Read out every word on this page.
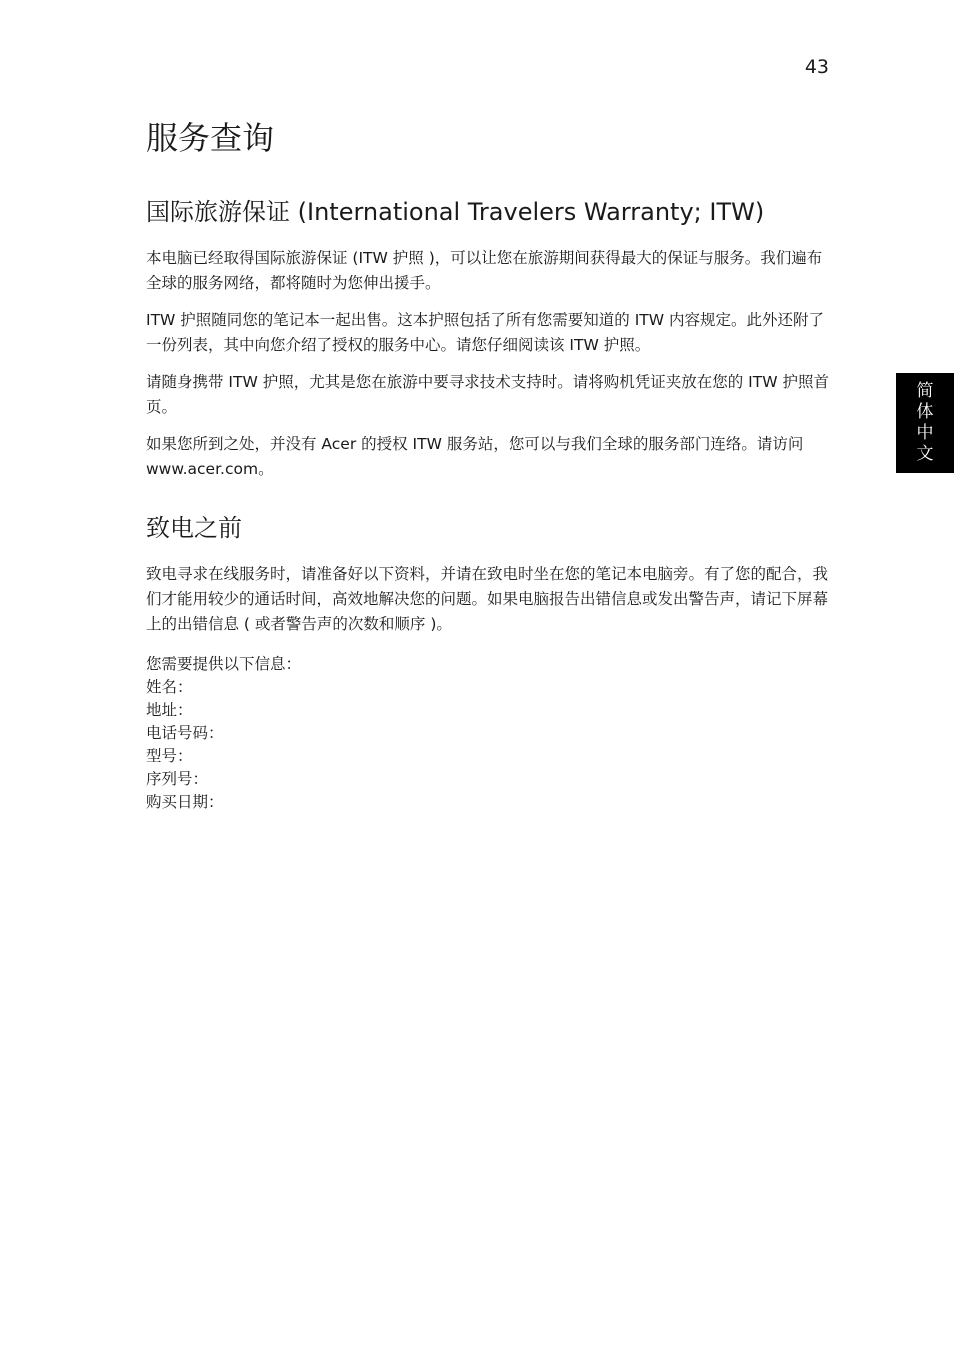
43
简
体
中
文
服务查询
国际旅游保证 (International Travelers Warranty; ITW)

本电脑已经取得国际旅游保证 (ITW 护照 )，可以让您在旅游期间获得最大的保证与服务。我们遍布全球的服务网络，都将随时为您伸出援手。

ITW 护照随同您的笔记本一起出售。这本护照包括了所有您需要知道的 ITW 内容规定。此外还附了一份列表，其中向您介绍了授权的服务中心。请您仔细阅读该 ITW 护照。

请随身携带 ITW 护照，尤其是您在旅游中要寻求技术支持时。请将购机凭证夹放在您的 ITW 护照首页。

如果您所到之处，并没有 Acer 的授权 ITW 服务站，您可以与我们全球的服务部门连络。请访问 www.acer.com。

致电之前

致电寻求在线服务时，请准备好以下资料，并请在致电时坐在您的笔记本电脑旁。有了您的配合，我们才能用较少的通话时间，高效地解决您的问题。如果电脑报告出错信息或发出警告声，请记下屏幕上的出错信息 ( 或者警告声的次数和顺序 )。

您需要提供以下信息：
姓名：
地址：
电话号码：
型号：
序列号：
购买日期：
